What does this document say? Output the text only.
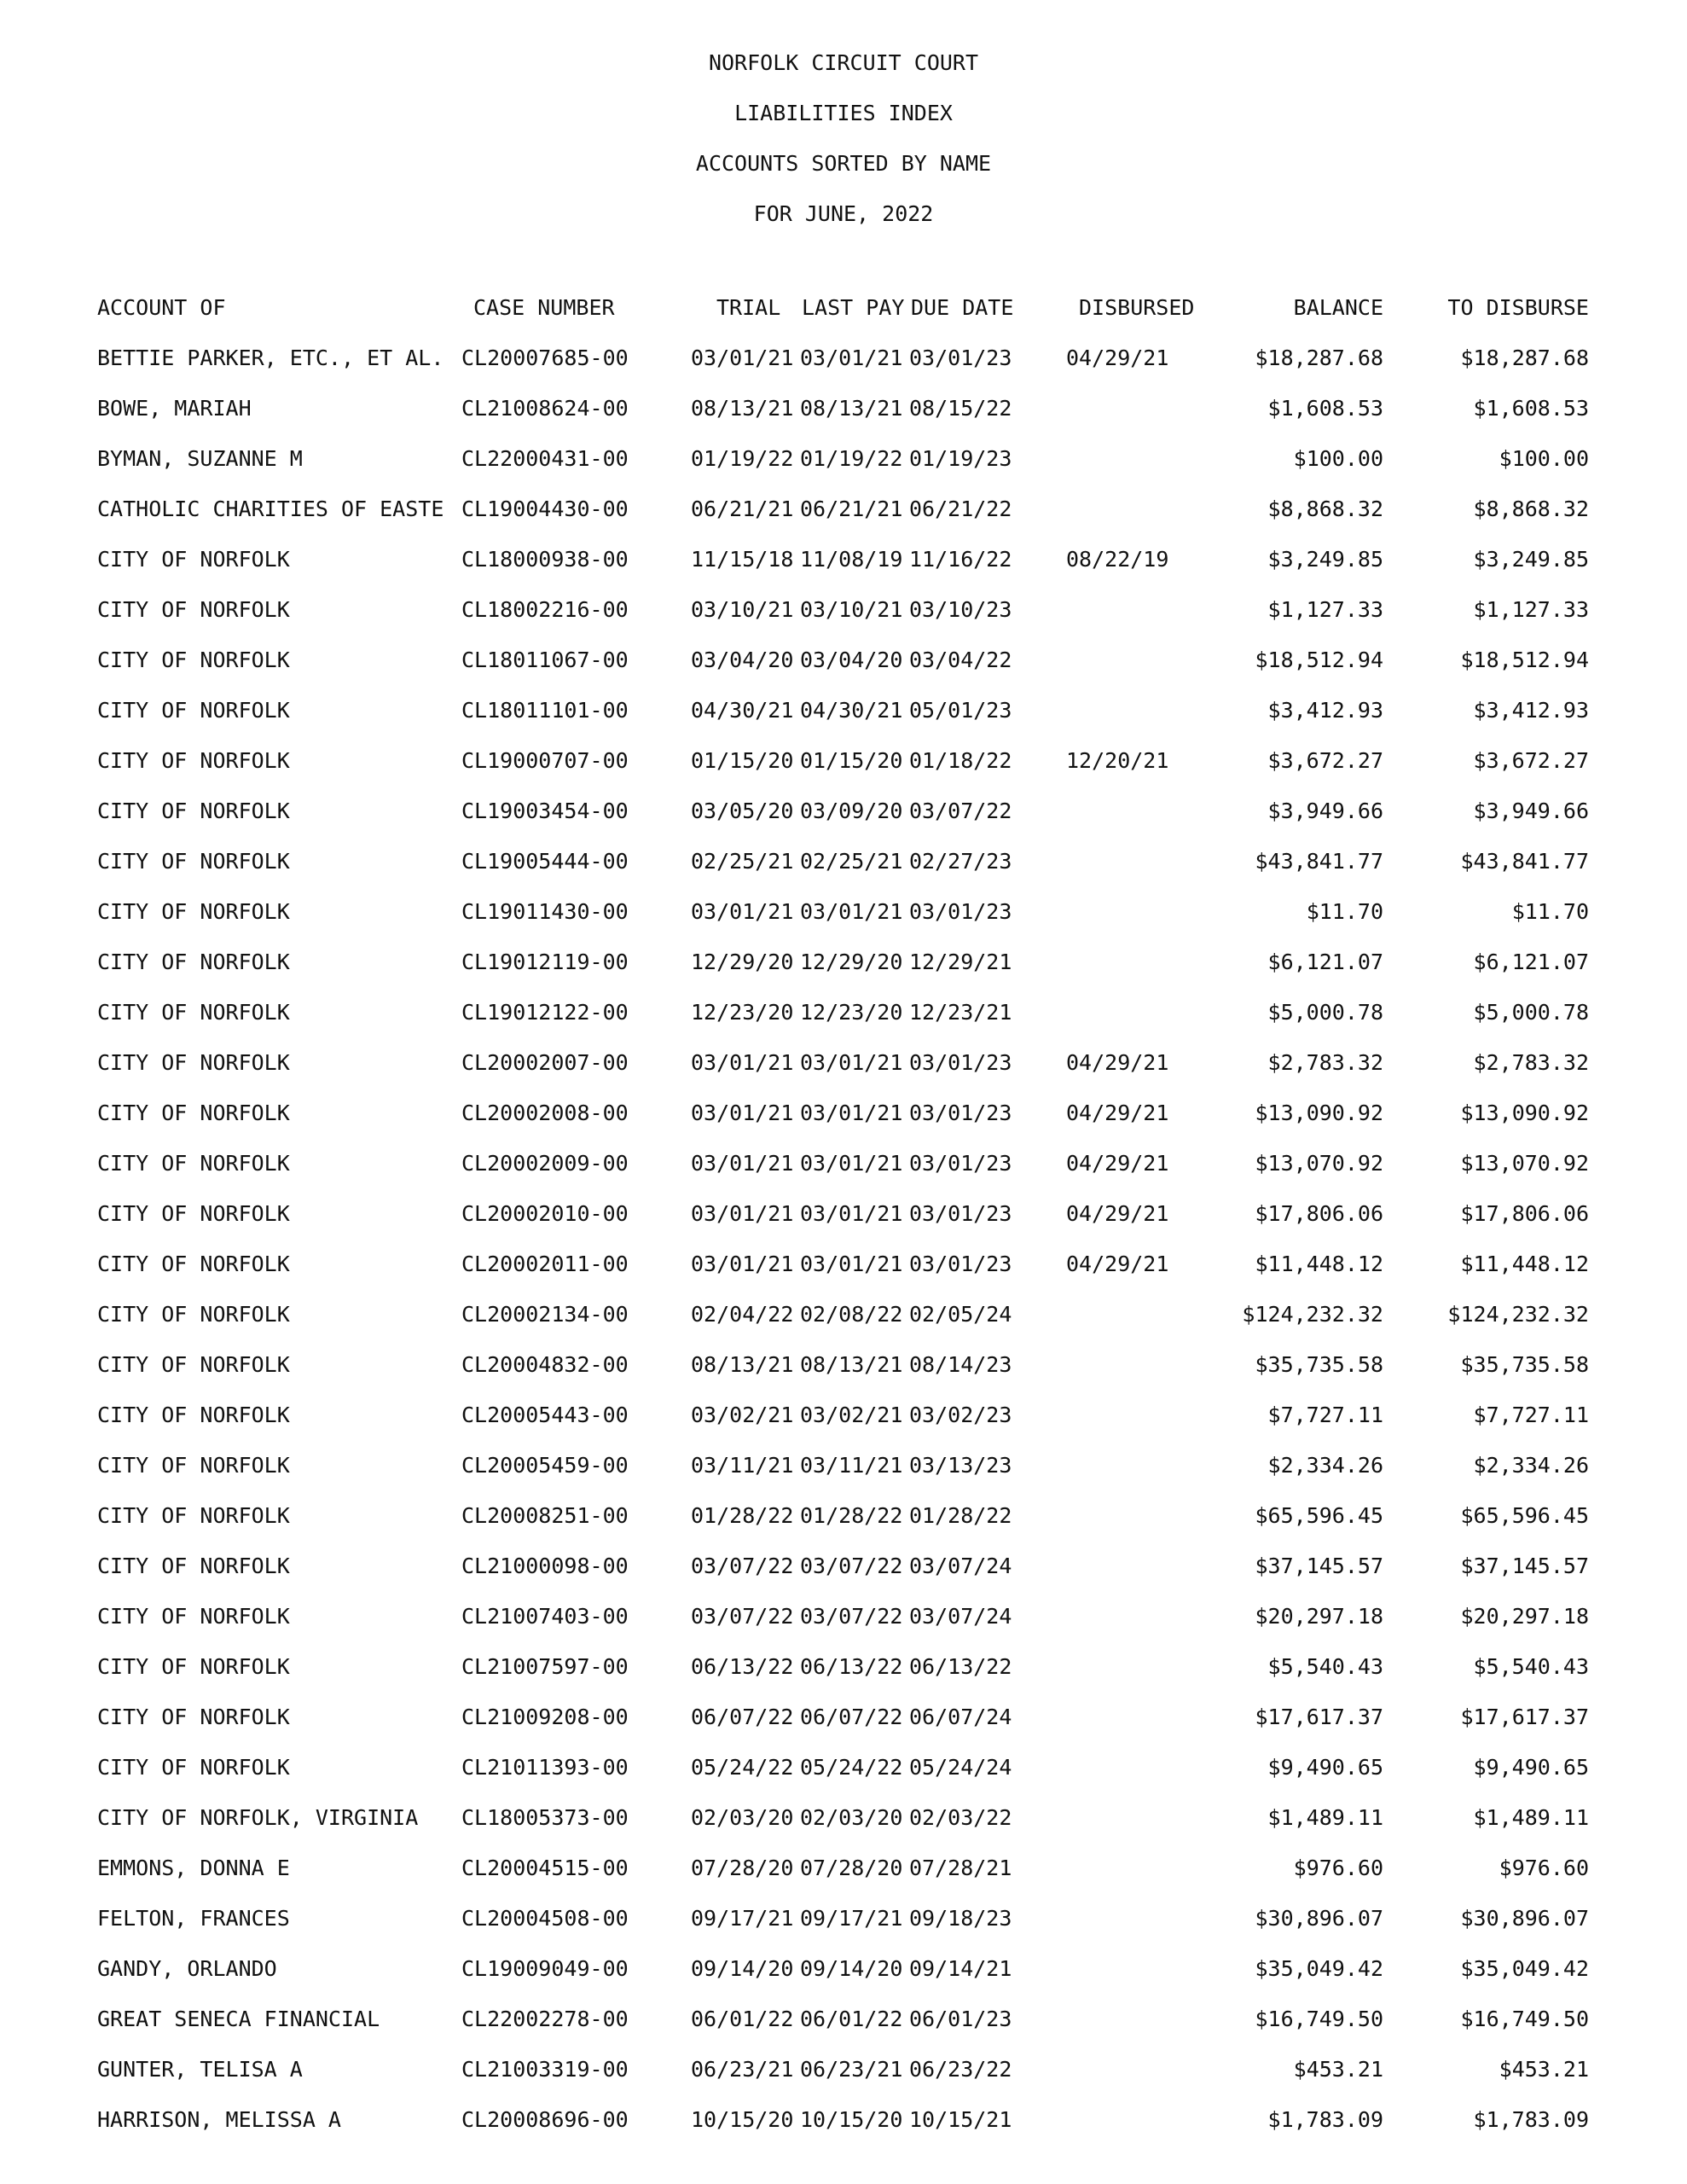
NORFOLK CIRCUIT COURT
LIABILITIES INDEX
ACCOUNTS SORTED BY NAME
FOR JUNE, 2022
ACCOUNT OF	CASE NUMBER	TRIAL LAST PAY DUE DATE	DISBURSED	BALANCE	TO DISBURSE
BETTIE PARKER, ETC., ET AL. CL20007685-00	03/01/21 03/01/21 03/01/23	04/29/21	$18,287.68	$18,287.68
BOWE, MARIAH	CL21008624-00	08/13/21 08/13/21 08/15/22	$1,608.53	$1,608.53
BYMAN, SUZANNE M	CL22000431-00	01/19/22 01/19/22 01/19/23	$100.00	$100.00
CATHOLIC CHARITIES OF EASTE CL19004430-00	06/21/21 06/21/21 06/21/22	$8,868.32	$8,868.32
CITY OF NORFOLK	CL18000938-00	11/15/18 11/08/19 11/16/22	08/22/19	$3,249.85	$3,249.85
CITY OF NORFOLK	CL18002216-00	03/10/21 03/10/21 03/10/23	$1,127.33	$1,127.33
CITY OF NORFOLK	CL18011067-00	03/04/20 03/04/20 03/04/22	$18,512.94	$18,512.94
CITY OF NORFOLK	CL18011101-00	04/30/21 04/30/21 05/01/23	$3,412.93	$3,412.93
CITY OF NORFOLK	CL19000707-00	01/15/20 01/15/20 01/18/22	12/20/21	$3,672.27	$3,672.27
CITY OF NORFOLK	CL19003454-00	03/05/20 03/09/20 03/07/22	$3,949.66	$3,949.66
CITY OF NORFOLK	CL19005444-00	02/25/21 02/25/21 02/27/23	$43,841.77	$43,841.77
CITY OF NORFOLK	CL19011430-00	03/01/21 03/01/21 03/01/23	$11.70	$11.70
CITY OF NORFOLK	CL19012119-00	12/29/20 12/29/20 12/29/21	$6,121.07	$6,121.07
CITY OF NORFOLK	CL19012122-00	12/23/20 12/23/20 12/23/21	$5,000.78	$5,000.78
CITY OF NORFOLK	CL20002007-00	03/01/21 03/01/21 03/01/23	04/29/21	$2,783.32	$2,783.32
CITY OF NORFOLK	CL20002008-00	03/01/21 03/01/21 03/01/23	04/29/21	$13,090.92	$13,090.92
CITY OF NORFOLK	CL20002009-00	03/01/21 03/01/21 03/01/23	04/29/21	$13,070.92	$13,070.92
CITY OF NORFOLK	CL20002010-00	03/01/21 03/01/21 03/01/23	04/29/21	$17,806.06	$17,806.06
CITY OF NORFOLK	CL20002011-00	03/01/21 03/01/21 03/01/23	04/29/21	$11,448.12	$11,448.12
CITY OF NORFOLK	CL20002134-00	02/04/22 02/08/22 02/05/24	$124,232.32	$124,232.32
CITY OF NORFOLK	CL20004832-00	08/13/21 08/13/21 08/14/23	$35,735.58	$35,735.58
CITY OF NORFOLK	CL20005443-00	03/02/21 03/02/21 03/02/23	$7,727.11	$7,727.11
CITY OF NORFOLK	CL20005459-00	03/11/21 03/11/21 03/13/23	$2,334.26	$2,334.26
CITY OF NORFOLK	CL20008251-00	01/28/22 01/28/22 01/28/22	$65,596.45	$65,596.45
CITY OF NORFOLK	CL21000098-00	03/07/22 03/07/22 03/07/24	$37,145.57	$37,145.57
CITY OF NORFOLK	CL21007403-00	03/07/22 03/07/22 03/07/24	$20,297.18	$20,297.18
CITY OF NORFOLK	CL21007597-00	06/13/22 06/13/22 06/13/22	$5,540.43	$5,540.43
CITY OF NORFOLK	CL21009208-00	06/07/22 06/07/22 06/07/24	$17,617.37	$17,617.37
CITY OF NORFOLK	CL21011393-00	05/24/22 05/24/22 05/24/24	$9,490.65	$9,490.65
CITY OF NORFOLK, VIRGINIA CL18005373-00	02/03/20 02/03/20 02/03/22	$1,489.11	$1,489.11
EMMONS, DONNA E	CL20004515-00	07/28/20 07/28/20 07/28/21	$976.60	$976.60
FELTON, FRANCES	CL20004508-00	09/17/21 09/17/21 09/18/23	$30,896.07	$30,896.07
GANDY, ORLANDO	CL19009049-00	09/14/20 09/14/20 09/14/21	$35,049.42	$35,049.42
GREAT SENECA FINANCIAL	CL22002278-00	06/01/22 06/01/22 06/01/23	$16,749.50	$16,749.50
GUNTER, TELISA A	CL21003319-00	06/23/21 06/23/21 06/23/22	$453.21	$453.21
HARRISON, MELISSA A	CL20008696-00	10/15/20 10/15/20 10/15/21	$1,783.09	$1,783.09
